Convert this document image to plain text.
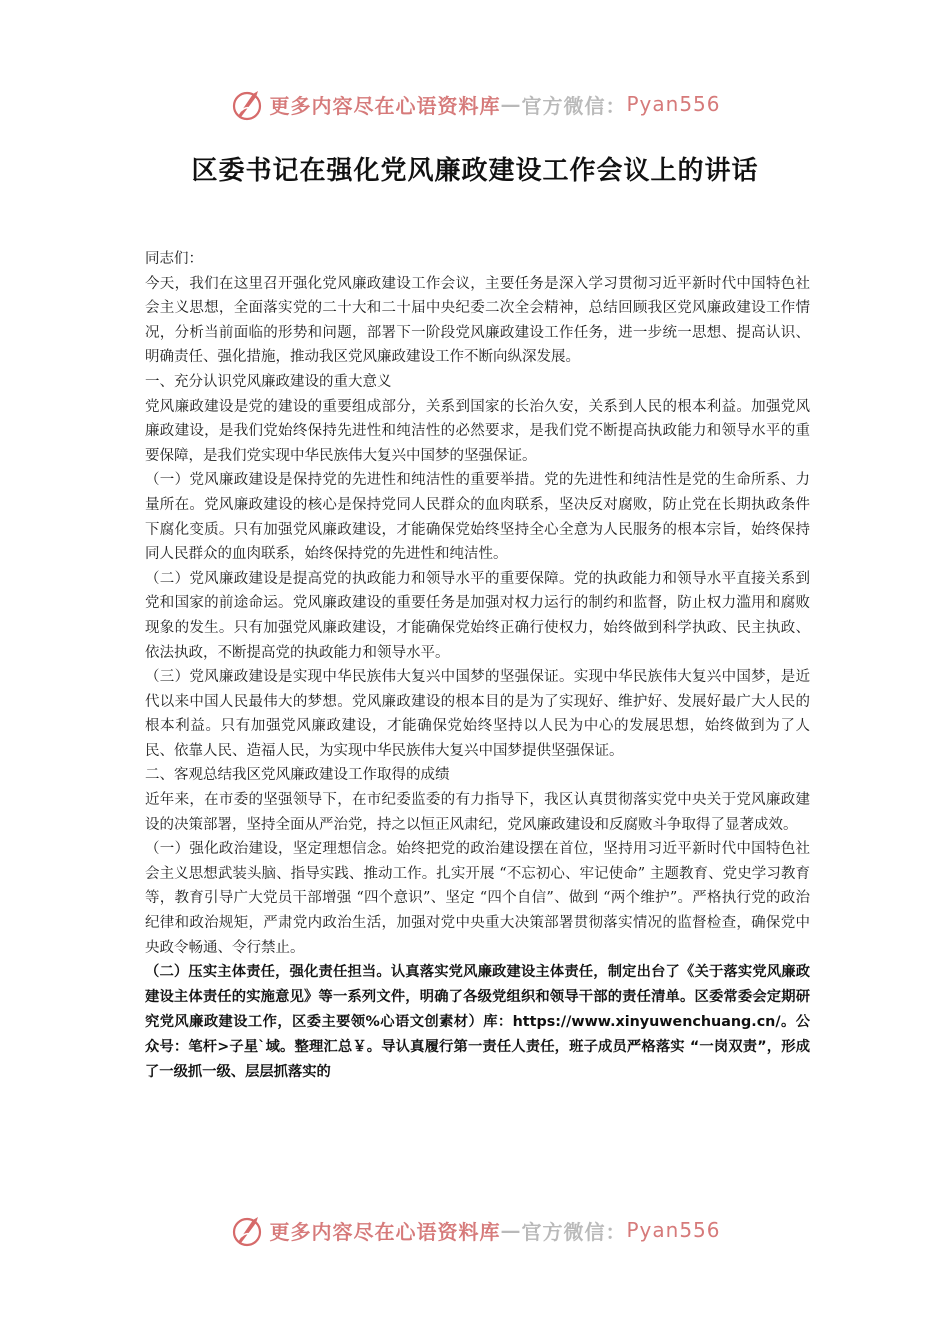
更多内容尽在心语资料库 — 官方微信： Pyan556
区委书记在强化党风廉政建设工作会议上的讲话

同志们：

今天，我们在这里召开强化党风廉政建设工作会议，主要任务是深入学习贯彻习近平新时代中国特色社会主义思想，全面落实党的二十大和二十届中央纪委二次全会精神，总结回顾我区党风廉政建设工作情况，分析当前面临的形势和问题，部署下一阶段党风廉政建设工作任务，进一步统一思想、提高认识、明确责任、强化措施，推动我区党风廉政建设工作不断向纵深发展。

一、充分认识党风廉政建设的重大意义

党风廉政建设是党的建设的重要组成部分，关系到国家的长治久安，关系到人民的根本利益。加强党风廉政建设，是我们党始终保持先进性和纯洁性的必然要求，是我们党不断提高执政能力和领导水平的重要保障，是我们党实现中华民族伟大复兴中国梦的坚强保证。

（一）党风廉政建设是保持党的先进性和纯洁性的重要举措。党的先进性和纯洁性是党的生命所系、力量所在。党风廉政建设的核心是保持党同人民群众的血肉联系，坚决反对腐败，防止党在长期执政条件下腐化变质。只有加强党风廉政建设，才能确保党始终坚持全心全意为人民服务的根本宗旨，始终保持同人民群众的血肉联系，始终保持党的先进性和纯洁性。

（二）党风廉政建设是提高党的执政能力和领导水平的重要保障。党的执政能力和领导水平直接关系到党和国家的前途命运。党风廉政建设的重要任务是加强对权力运行的制约和监督，防止权力滥用和腐败现象的发生。只有加强党风廉政建设，才能确保党始终正确行使权力，始终做到科学执政、民主执政、依法执政，不断提高党的执政能力和领导水平。

（三）党风廉政建设是实现中华民族伟大复兴中国梦的坚强保证。实现中华民族伟大复兴中国梦，是近代以来中国人民最伟大的梦想。党风廉政建设的根本目的是为了实现好、维护好、发展好最广大人民的根本利益。只有加强党风廉政建设，才能确保党始终坚持以人民为中心的发展思想，始终做到为了人民、依靠人民、造福人民，为实现中华民族伟大复兴中国梦提供坚强保证。

二、客观总结我区党风廉政建设工作取得的成绩

近年来，在市委的坚强领导下，在市纪委监委的有力指导下，我区认真贯彻落实党中央关于党风廉政建设的决策部署，坚持全面从严治党，持之以恒正风肃纪，党风廉政建设和反腐败斗争取得了显著成效。

（一）强化政治建设，坚定理想信念。始终把党的政治建设摆在首位，坚持用习近平新时代中国特色社会主义思想武装头脑、指导实践、推动工作。扎实开展 “不忘初心、牢记使命” 主题教育、党史学习教育等，教育引导广大党员干部增强 “四个意识”、坚定 “四个自信”、做到 “两个维护”。严格执行党的政治纪律和政治规矩，严肃党内政治生活，加强对党中央重大决策部署贯彻落实情况的监督检查，确保党中央政令畅通、令行禁止。

（二）压实主体责任，强化责任担当。认真落实党风廉政建设主体责任，制定出台了《关于落实党风廉政建设主体责任的实施意见》等一系列文件，明确了各级党组织和领导干部的责任清单。区委常委会定期研究党风廉政建设工作，区委主要领%心语文创素材）库：https://www.xinyuwenchuang.cn/。公众号：笔杆>子星`域。整理汇总￥。导认真履行第一责任人责任，班子成员严格落实 “一岗双责”，形成了一级抓一级、层层抓落实的

更多内容尽在心语资料库 — 官方微信： Pyan556
